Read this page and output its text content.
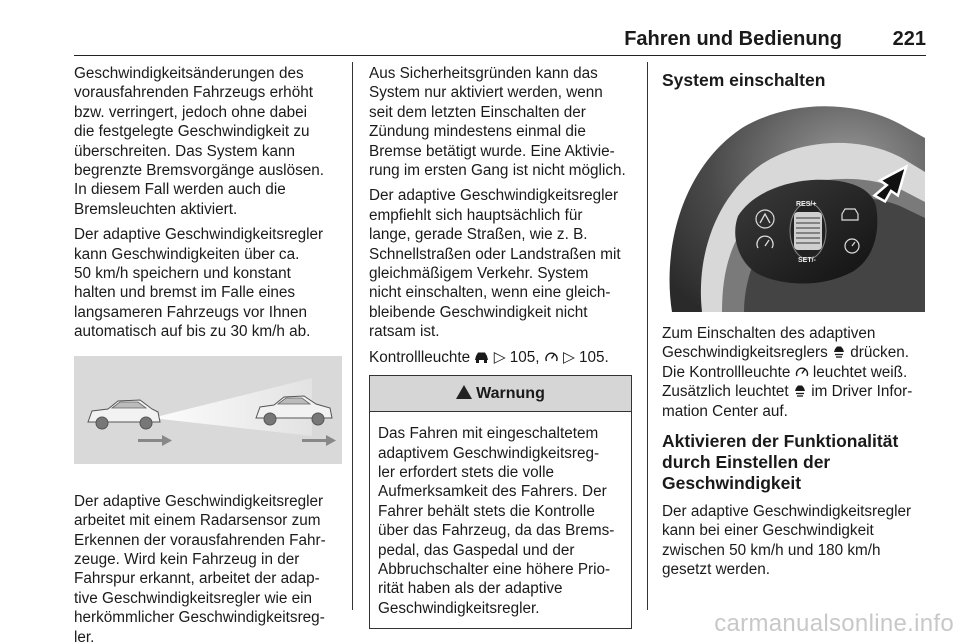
Fahren und Bedienung	221

Geschwindigkeitsänderungen des
vorausfahrenden Fahrzeugs erhöht
bzw. verringert, jedoch ohne dabei
die festgelegte Geschwindigkeit zu
überschreiten. Das System kann
begrenzte Bremsvorgänge auslösen.
In diesem Fall werden auch die
Bremsleuchten aktiviert.

Der adaptive Geschwindigkeitsregler
kann Geschwindigkeiten über ca.
50 km/h speichern und konstant
halten und bremst im Falle eines
langsameren Fahrzeugs vor Ihnen
automatisch auf bis zu 30 km/h ab.

Der adaptive Geschwindigkeitsregler
arbeitet mit einem Radarsensor zum
Erkennen der vorausfahrenden Fahr‐
zeuge. Wird kein Fahrzeug in der
Fahrspur erkannt, arbeitet der adap‐
tive Geschwindigkeitsregler wie ein
herkömmlicher Geschwindigkeitsreg‐
ler.

Aus Sicherheitsgründen kann das
System nur aktiviert werden, wenn
seit dem letzten Einschalten der
Zündung mindestens einmal die
Bremse betätigt wurde. Eine Aktivie‐
rung im ersten Gang ist nicht möglich.

Der adaptive Geschwindigkeitsregler
empfiehlt sich hauptsächlich für
lange, gerade Straßen, wie z. B.
Schnellstraßen oder Landstraßen mit
gleichmäßigem Verkehr. System
nicht einschalten, wenn eine gleich‐
bleibende Geschwindigkeit nicht
ratsam ist.

Kontrollleuchte ▷ 105,  ▷ 105.

Warnung
Das Fahren mit eingeschaltetem
adaptivem Geschwindigkeitsreg‐
ler erfordert stets die volle
Aufmerksamkeit des Fahrers. Der
Fahrer behält stets die Kontrolle
über das Fahrzeug, da das Brems‐
pedal, das Gaspedal und der
Abbruchschalter eine höhere Prio‐
rität haben als der adaptive
Geschwindigkeitsregler.
System einschalten
RES/+
SET/-

Zum Einschalten des adaptiven
Geschwindigkeitsreglers drücken.
Die Kontrollleuchte leuchtet weiß.
Zusätzlich leuchtet im Driver Infor‐
mation Center auf.

Aktivieren der Funktionalität
durch Einstellen der
Geschwindigkeit

Der adaptive Geschwindigkeitsregler
kann bei einer Geschwindigkeit
zwischen 50 km/h und 180 km/h
gesetzt werden.

carmanualsonline.info
